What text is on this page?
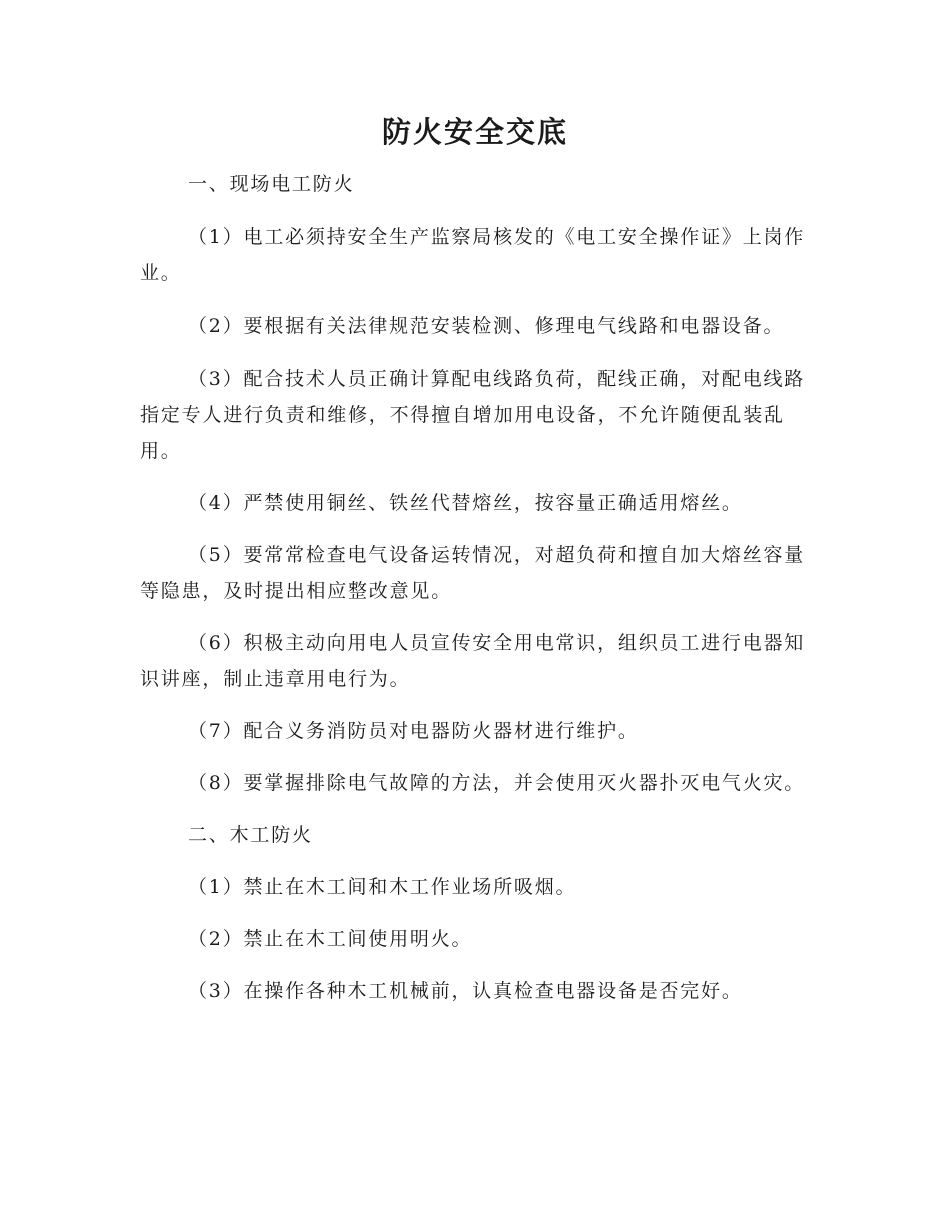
防火安全交底

一、现场电工防火

（1）电工必须持安全生产监察局核发的《电工安全操作证》上岗作业。

（2）要根据有关法律规范安装检测、修理电气线路和电器设备。

（3）配合技术人员正确计算配电线路负荷，配线正确，对配电线路指定专人进行负责和维修，不得擅自增加用电设备，不允许随便乱装乱用。

（4）严禁使用铜丝、铁丝代替熔丝，按容量正确适用熔丝。

（5）要常常检查电气设备运转情况，对超负荷和擅自加大熔丝容量等隐患，及时提出相应整改意见。

（6）积极主动向用电人员宣传安全用电常识，组织员工进行电器知识讲座，制止违章用电行为。

（7）配合义务消防员对电器防火器材进行维护。

（8）要掌握排除电气故障的方法，并会使用灭火器扑灭电气火灾。

二、木工防火

（1）禁止在木工间和木工作业场所吸烟。

（2）禁止在木工间使用明火。

（3）在操作各种木工机械前，认真检查电器设备是否完好。
